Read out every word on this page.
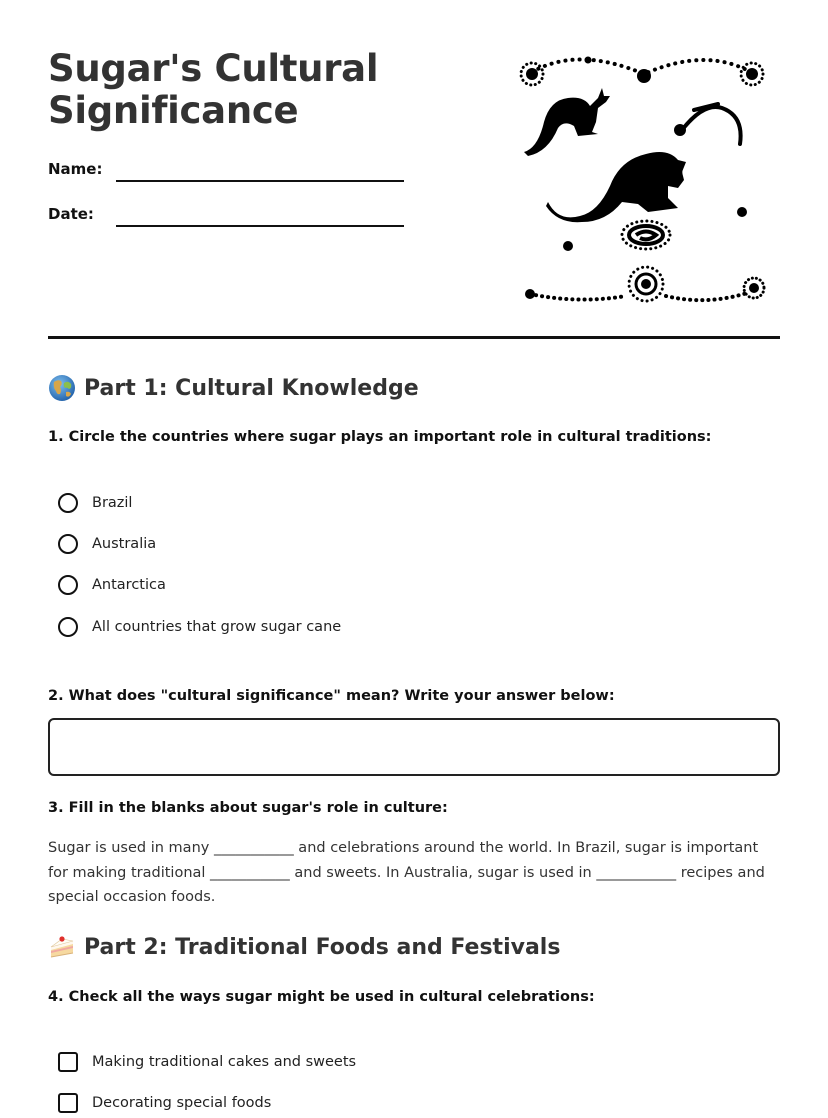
Sugar's Cultural Significance
Name:
Date:
Part 1: Cultural Knowledge
1. Circle the countries where sugar plays an important role in cultural traditions:
Brazil
Australia
Antarctica
All countries that grow sugar cane
2. What does "cultural significance" mean? Write your answer below:
3. Fill in the blanks about sugar's role in culture:

Sugar is used in many ___________ and celebrations around the world. In Brazil, sugar is important for making traditional ___________ and sweets. In Australia, sugar is used in ___________ recipes and special occasion foods.

Part 2: Traditional Foods and Festivals
4. Check all the ways sugar might be used in cultural celebrations:
Making traditional cakes and sweets
Decorating special foods
